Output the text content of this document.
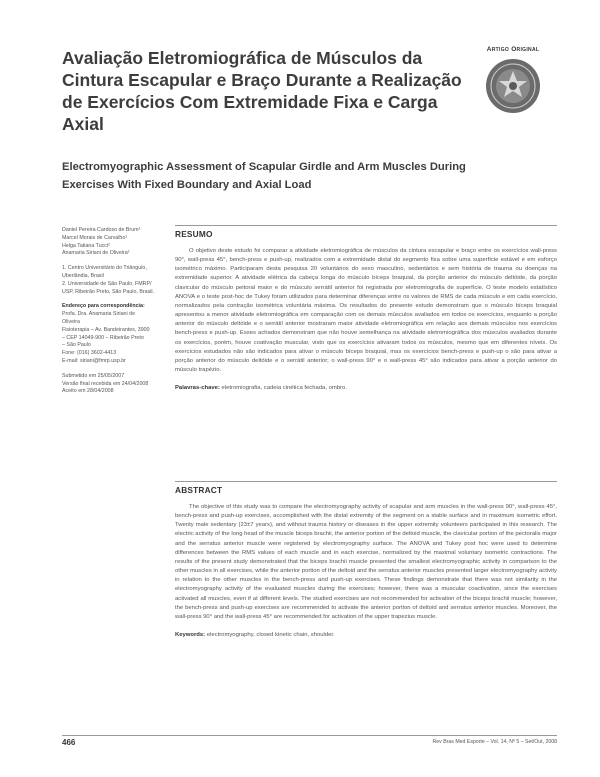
Avaliação Eletromiográfica de Músculos da Cintura Escapular e Braço Durante a Realização de Exercícios Com Extremidade Fixa e Carga Axial
Electromyographic Assessment of Scapular Girdle and Arm Muscles During Exercises With Fixed Boundary and Axial Load
Artigo Original

Daniel Pereira Cardoso de Brum¹

Marcel Morais de Carvalho¹

Helga Tatiana Tucci²

Anamaria Siriani de Oliveira²

1. Centro Universitário do Triângulo,

Uberlândia, Brasil

2. Universidade de São Paulo, FMRP/

USP, Ribeirão Preto, São Paulo, Brasil.

Endereço para correspondência:

Profa. Dra. Anamaria Siriani de

Oliveira

Fisioterapia – Av. Bandeirantes, 3900

– CEP 14049-900 – Ribeirão Preto

– São Paulo

Fone: (016) 3602-4413

E-mail: siriani@fmrp.usp.br

Submetido em 25/05/2007

Versão final recebida em 24/04/2008

Aceito em 28/04/2008

RESUMO

O objetivo deste estudo foi comparar a atividade eletromiográfica de músculos da cintura escapular e braço entre os exercícios wall-press 90°, wall-press 45°, bench-press e push-up, realizados com a extremidade distal do segmento fixa sobre uma superfície estável e em esforço isométrico máximo. Participaram desta pesquisa 20 voluntários do sexo masculino, sedentários e sem história de trauma ou doenças na extremidade superior. A atividade elétrica da cabeça longa do músculo bíceps braquial, da porção anterior do músculo deltóide, da porção clavicular do músculo peitoral maior e do músculo serrátil anterior foi registrada por eletromiografia de superfície. O teste modelo estatístico ANOVA e o teste post-hoc de Tukey foram utilizados para determinar diferenças entre os valores de RMS de cada músculo e em cada exercício, normalizados pela contração isométrica voluntária máxima. Os resultados do presente estudo demonstram que o músculo bíceps braquial apresentou a menor atividade eletromiográfica em comparação com os demais músculos avaliados em todos os exercícios, enquanto a porção anterior do músculo deltóide e o serrátil anterior mostraram maior atividade eletromiográfica em relação aos demais músculos nos exercícios bench-press e push-up. Esses achados demonstram que não houve semelhança na atividade eletromiográfica dos músculos avaliados durante os exercícios, porém, houve coativação muscular, visto que os exercícios ativaram todos os músculos, mesmo que em diferentes níveis. Os exercícios estudados não são indicados para ativar o músculo bíceps braquial, mas os exercícios bench-press e push-up o são para ativar a porção anterior do músculo deltóide e o serrátil anterior; o wall-press 90° e o wall-press 45° são indicados para ativar a porção anterior do músculo trapézio.

Palavras-chave: eletromiografia, cadeia cinética fechada, ombro.
ABSTRACT

The objective of this study was to compare the electromyography activity of scapular and arm muscles in the wall-press 90°, wall-press 45°, bench-press and push-up exercises, accomplished with the distal extremity of the segment on a stable surface and in maximum isometric effort. Twenty male sedentary (23±7 years), and without trauma history or diseases in the upper extremity volunteers participated in this research. The electric activity of the long head of the muscle biceps brachii, the anterior portion of the deltoid muscle, the clavicular portion of the pectoralis major and the serratus anterior muscle were registered by electromyography surface. The ANOVA and Tukey post hoc were used to determine differences between the RMS values of each muscle and in each exercise, normalized by the maximal voluntary isometric contractions. The results of the present study demonstrated that the biceps brachii muscle presented the smallest electromyographic activity in comparison to the other muscles in all exercises, while the anterior portion of the deltoid and the serratus anterior muscles presented larger electromyography activity in relation to the other muscles in the bench-press and push-up exercises. These findings demonstrate that there was not similarity in the electromyography activity of the evaluated muscles during the exercises; however, there was a muscular coactivation, since the exercises activated all muscles, even if at different levels. The studied exercises are not recommended for activation of the biceps brachii muscle; however, the bench-press and push-up exercises are recommended to activate the anterior portion of deltoid and serratus anterior muscles. Moreover, the wall-press 90° and the wall-press 45° are recommended for activation of the upper trapezius muscle.

Keywords: electromyography, closed kinetic chain, shoulder.
466	Rev Bras Med Esporte – Vol. 14, Nº 5 – Set/Out, 2008
